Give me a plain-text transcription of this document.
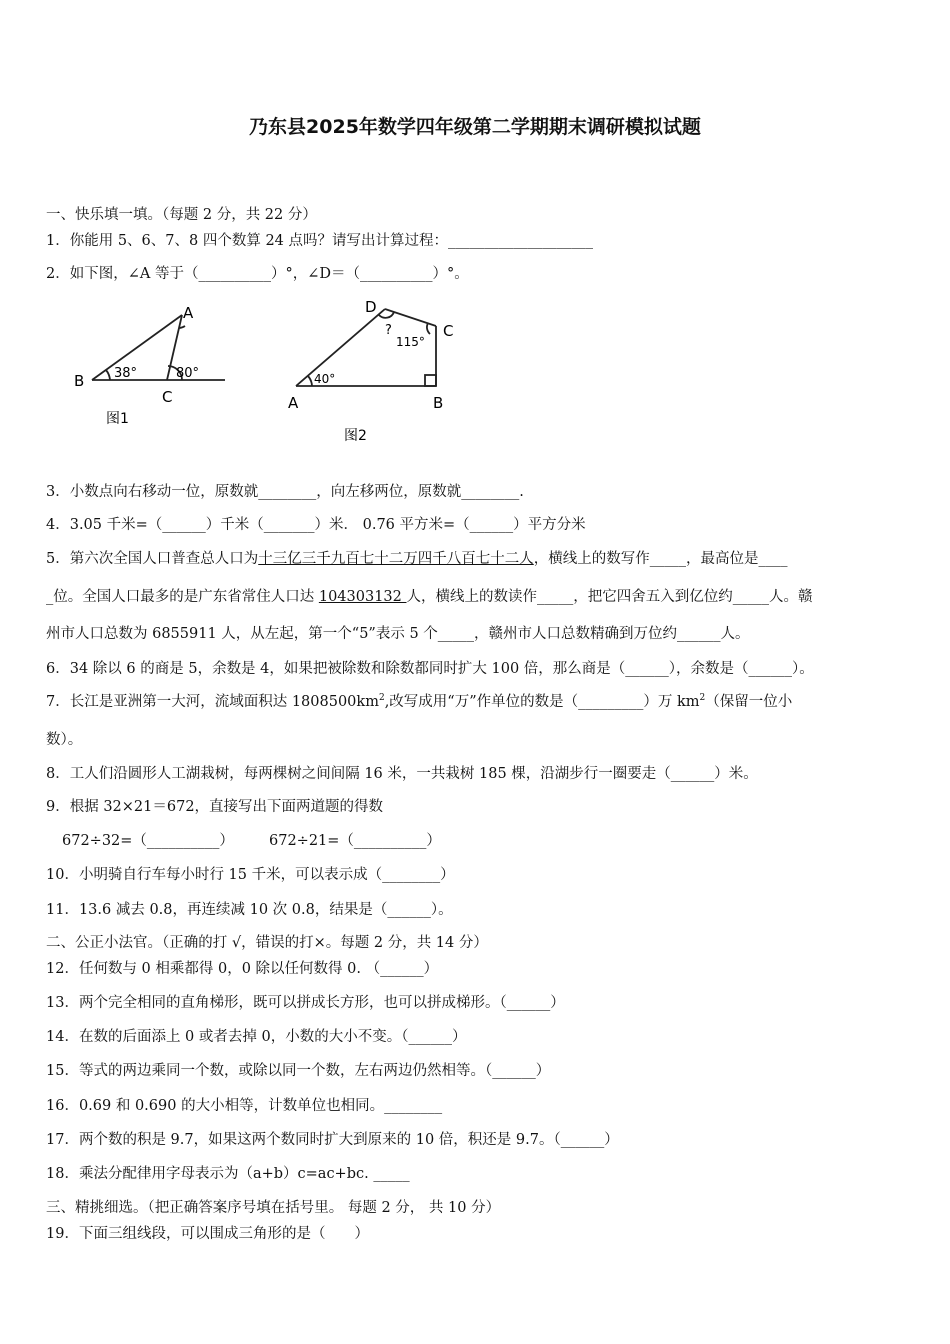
乃东县2025年数学四年级第二学期期末调研模拟试题
一、快乐填一填。（每题 2 分，共 22 分）
1．你能用 5、6、7、8 四个数算 24 点吗？请写出计算过程：____________________
2．如下图，∠A 等于（__________）°，∠D＝（__________）°。
A
B
C
38°	80°
图1
D
C
A	B
40°
115°
?
图2
3．小数点向右移动一位，原数就________，向左移两位，原数就________.
4．3.05 千米=（______）千米（_______）米． 0.76 平方米=（______）平方分米
5．第六次全国人口普查总人口为十三亿三千九百七十二万四千八百七十二人，横线上的数写作_____，最高位是____
_位。全国人口最多的是广东省常住人口达 104303132 人，横线上的数读作_____，把它四舍五入到亿位约_____人。赣
州市人口总数为 6855911 人，从左起，第一个“5”表示 5 个_____，赣州市人口总数精确到万位约______人。
6．34 除以 6 的商是 5，余数是 4，如果把被除数和除数都同时扩大 100 倍，那么商是（______），余数是（______）。
7．长江是亚洲第一大河，流域面积达 $1808500km^2$,改写成用“万”作单位的数是（_________）万 $km^2$（保留一位小
数）。
8．工人们沿圆形人工湖栽树，每两棵树之间间隔 16 米，一共栽树 185 棵，沿湖步行一圈要走（______）米。
9．根据 32×21＝672，直接写出下面两道题的得数
672÷32=（__________） 672÷21=（__________）
10．小明骑自行车每小时行 15 千米，可以表示成（________）
11．13.6 减去 0.8，再连续减 10 次 0.8，结果是（______）。
二、公正小法官。（正确的打 √，错误的打×。每题 2 分，共 14 分）
12．任何数与 0 相乘都得 0，0 除以任何数得 0. （______）
13．两个完全相同的直角梯形，既可以拼成长方形，也可以拼成梯形。（______）
14．在数的后面添上 0 或者去掉 0，小数的大小不变。（______）
15．等式的两边乘同一个数，或除以同一个数，左右两边仍然相等。（______）
16．0.69 和 0.690 的大小相等，计数单位也相同。________
17．两个数的积是 9.7，如果这两个数同时扩大到原来的 10 倍，积还是 9.7。（______）
18．乘法分配律用字母表示为（a+b）c=ac+bc. _____
三、精挑细选。（把正确答案序号填在括号里。 每题 2 分， 共 10 分）
19．下面三组线段，可以围成三角形的是（　　）
